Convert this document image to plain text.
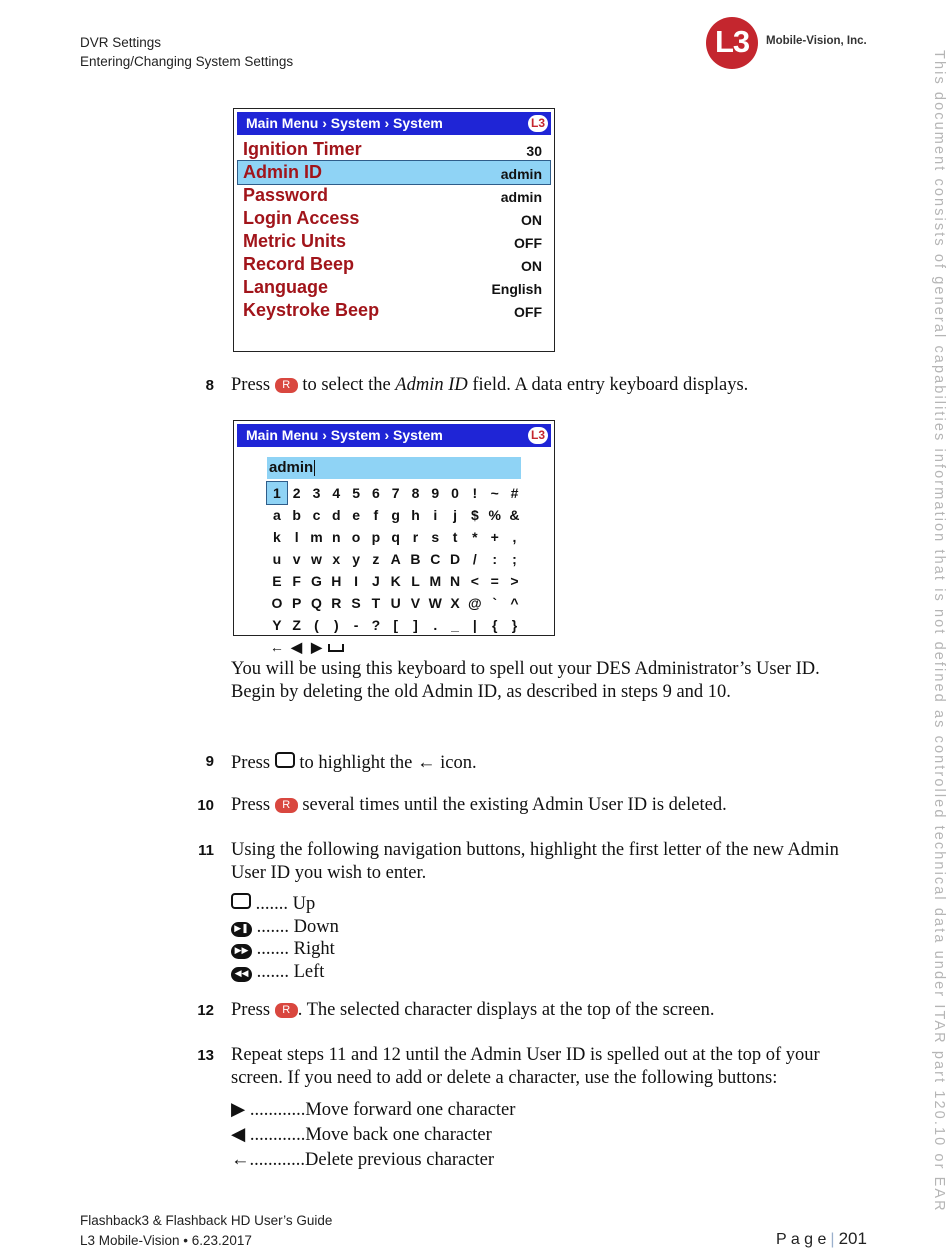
DVR Settings
Entering/Changing System Settings
L3 Mobile-Vision, Inc.
This document consists of general capabilities information that is not defined as controlled technical data under ITAR part 120.10 or EAR
Main Menu › System › System	L3
Ignition Timer	30
Admin ID	admin
Password	admin
Login Access	ON
Metric Units	OFF
Record Beep	ON
Language	English
Keystroke Beep	OFF
8 Press R to select the Admin ID field. A data entry keyboard displays.
Main Menu › System › System	L3
admin
1 2 3 4 5 6 7 8 9 0 ! ~ #
a b c d e f g h i j $ % &
k l m n o p q r s t * + ,
u v w x y z A B C D / : ;
E F G H I J K L M N < = >
O P Q R S T U V W X @ ` ^
Y Z ( ) - ? [ ] . _ | { }
← ◀ ▶
You will be using this keyboard to spell out your DES Administrator’s User ID.
Begin by deleting the old Admin ID, as described in steps 9 and 10.
9 Press  to highlight the ← icon.
10 Press R several times until the existing Admin User ID is deleted.
11 Using the following navigation buttons, highlight the first letter of the new Admin
User ID you wish to enter.
....... Up
▶❚ ....... Down
▶▶ ....... Right
◀◀ ....... Left
12 Press R . The selected character displays at the top of the screen.
13 Repeat steps 11 and 12 until the Admin User ID is spelled out at the top of your
screen. If you need to add or delete a character, use the following buttons:
▶ ............Move forward one character
◀ ............Move back one character
←............Delete previous character
Flashback3 & Flashback HD User’s Guide
L3 Mobile-Vision • 6.23.2017	P a g e | 201
